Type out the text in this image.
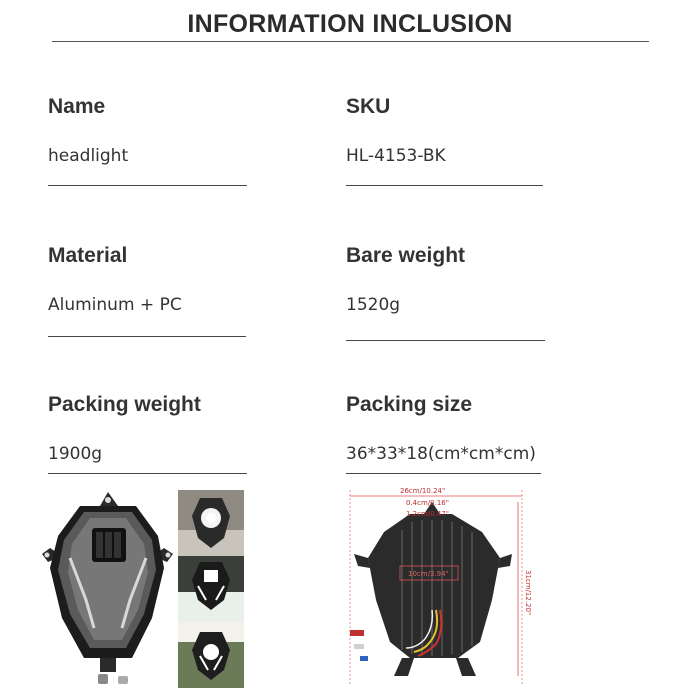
INFORMATION INCLUSION
Name
headlight
SKU
HL-4153-BK
Material
Aluminum + PC
Bare weight
1520g
Packing weight
1900g
Packing size
36*33*18(cm*cm*cm)
26cm/10.24"
0.4cm/0.16"
1.2cm/0.47"
10cm/3.94"	31cm/12.20"
